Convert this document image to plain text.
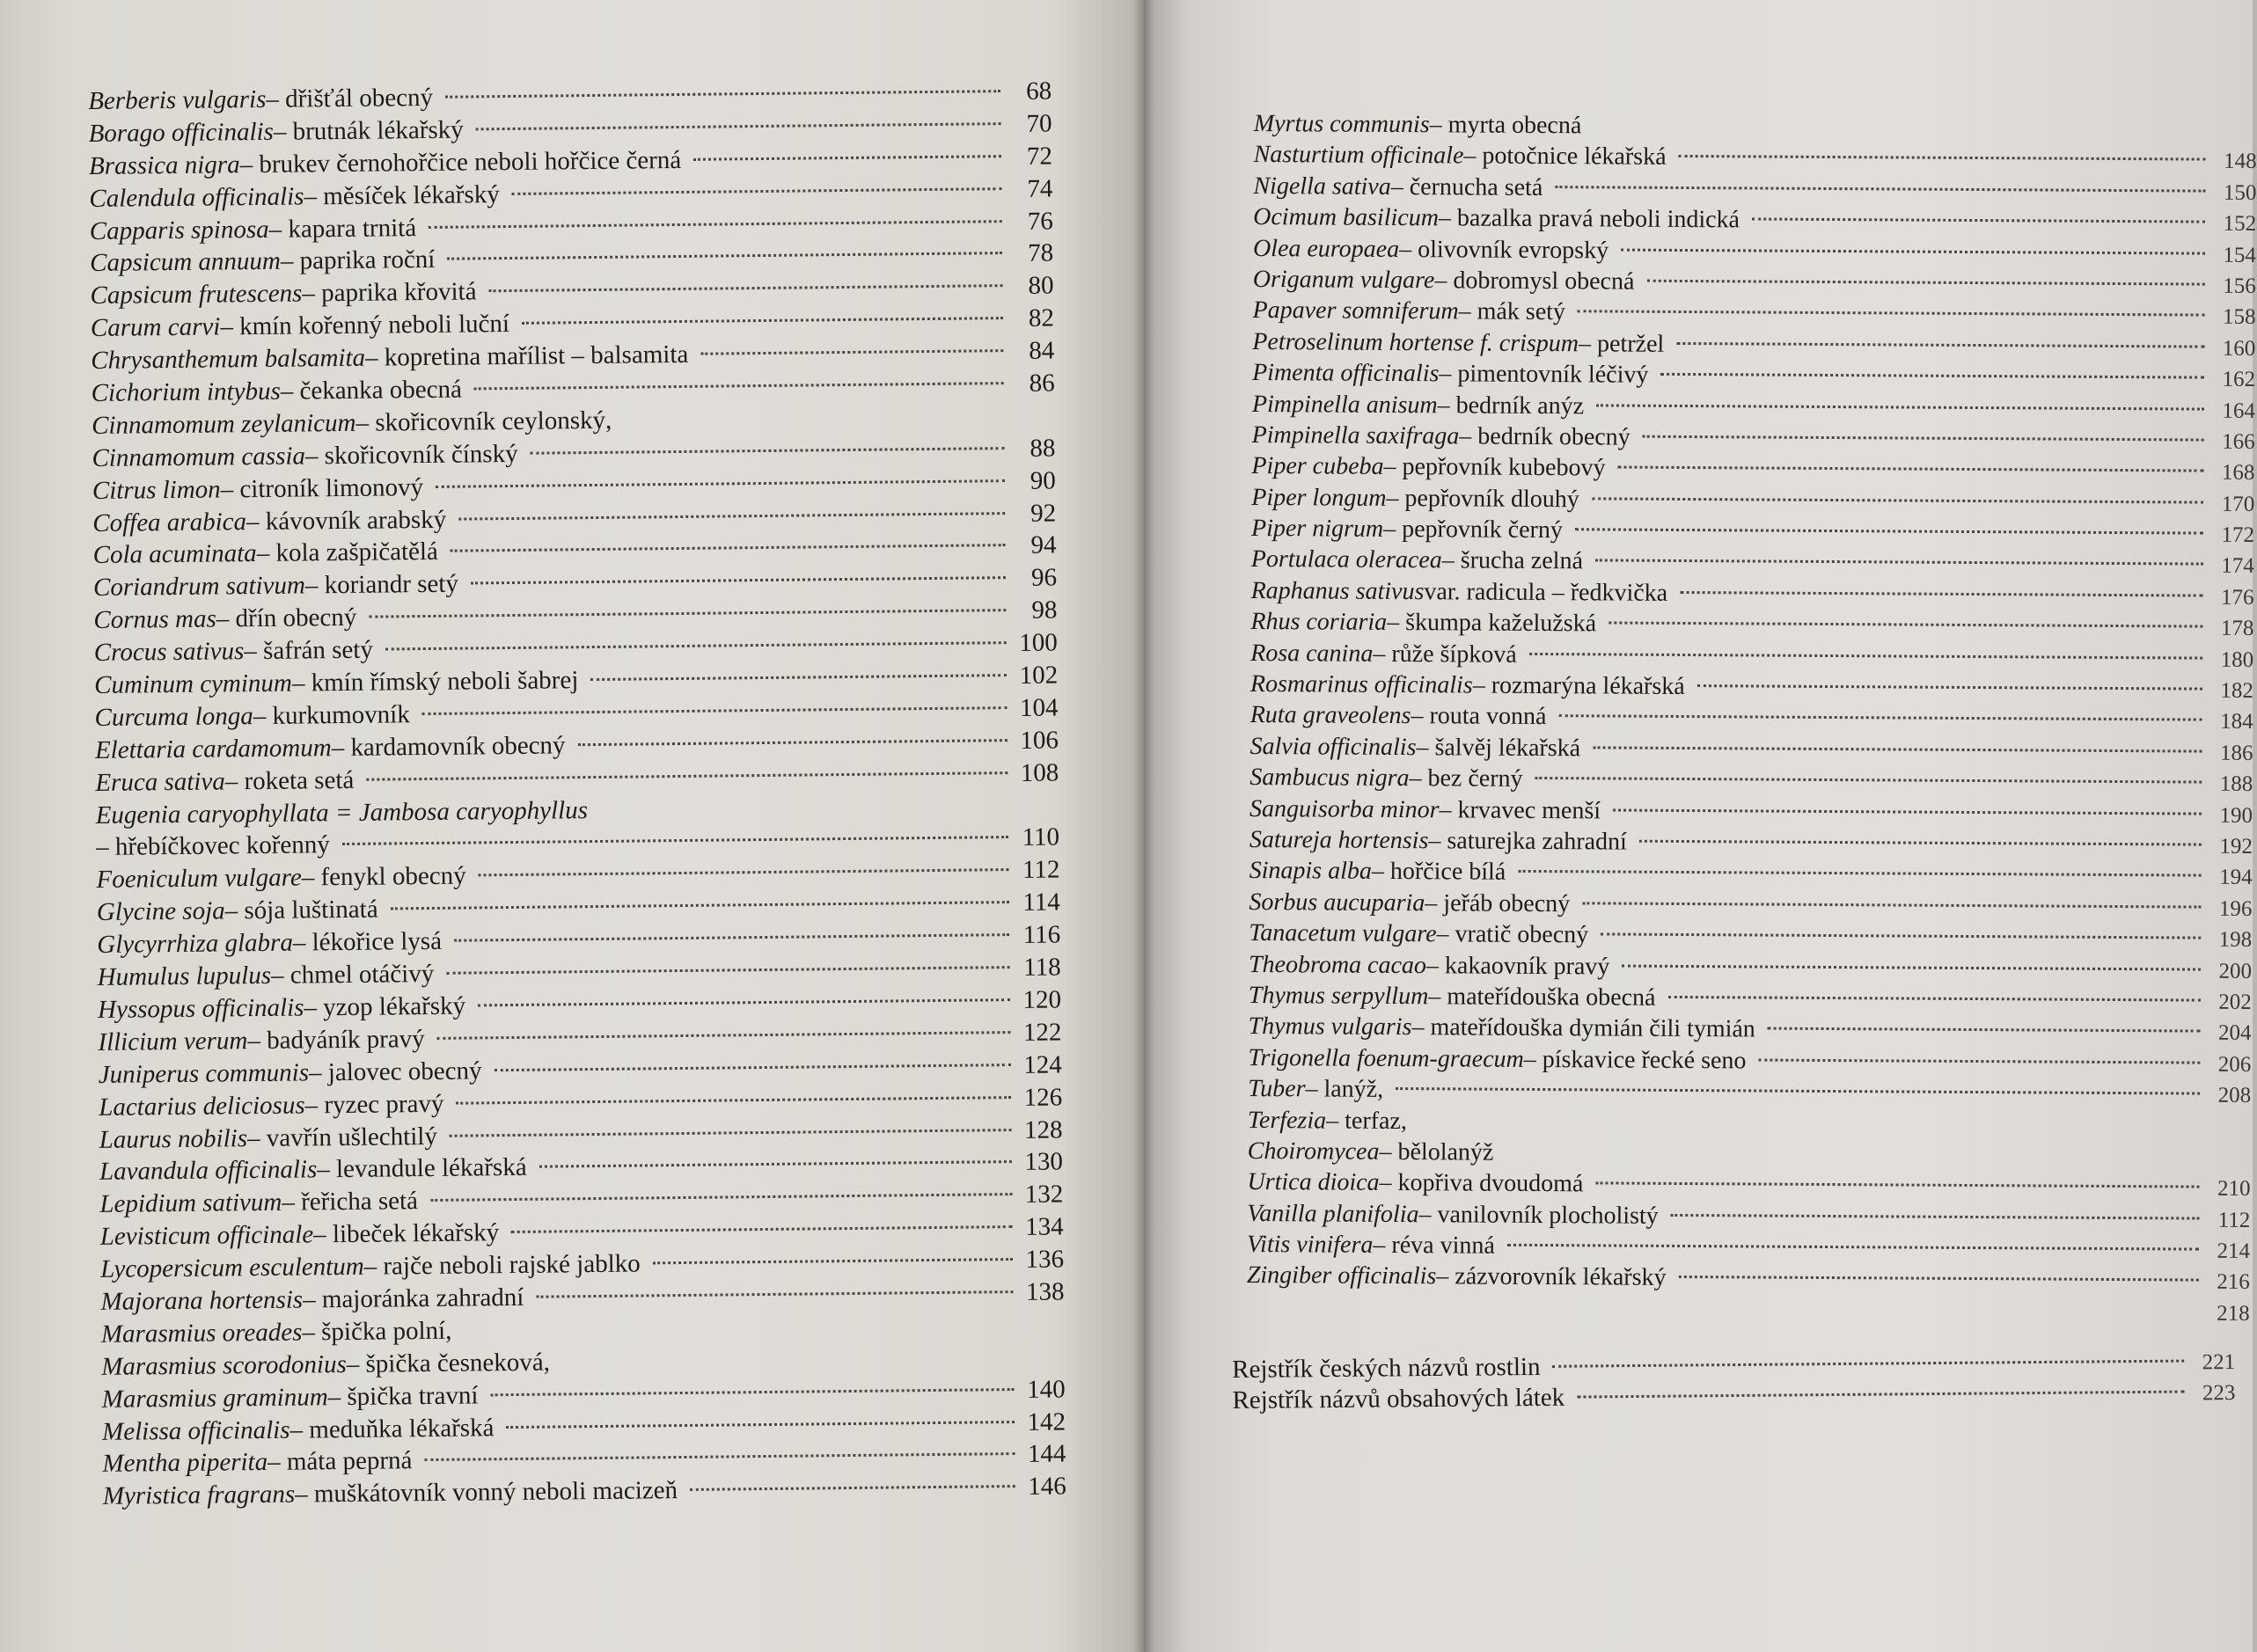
Berberis vulgaris – dřišťál obecný	68
Borago officinalis – brutnák lékařský	70
Brassica nigra – brukev černohořčice neboli hořčice černá	72
Calendula officinalis – měsíček lékařský	74
Capparis spinosa – kapara trnitá	76
Capsicum annuum – paprika roční	78
Capsicum frutescens – paprika křovitá	80
Carum carvi – kmín kořenný neboli luční	82
Chrysanthemum balsamita – kopretina mařílist – balsamita	84
Cichorium intybus – čekanka obecná	86
Cinnamomum zeylanicum – skořicovník ceylonský,
Cinnamomum cassia – skořicovník čínský	88
Citrus limon – citroník limonový	90
Coffea arabica – kávovník arabský	92
Cola acuminata – kola zašpičatělá	94
Coriandrum sativum – koriandr setý	96
Cornus mas – dřín obecný	98
Crocus sativus – šafrán setý	100
Cuminum cyminum – kmín římský neboli šabrej	102
Curcuma longa – kurkumovník	104
Elettaria cardamomum – kardamovník obecný	106
Eruca sativa – roketa setá	108
Eugenia caryophyllata = Jambosa caryophyllus
– hřebíčkovec kořenný	110
Foeniculum vulgare – fenykl obecný	112
Glycine soja – sója luštinatá	114
Glycyrrhiza glabra – lékořice lysá	116
Humulus lupulus – chmel otáčivý	118
Hyssopus officinalis – yzop lékařský	120
Illicium verum – badyáník pravý	122
Juniperus communis – jalovec obecný	124
Lactarius deliciosus – ryzec pravý	126
Laurus nobilis – vavřín ušlechtilý	128
Lavandula officinalis – levandule lékařská	130
Lepidium sativum – řeřicha setá	132
Levisticum officinale – libeček lékařský	134
Lycopersicum esculentum – rajče neboli rajské jablko	136
Majorana hortensis – majoránka zahradní	138
Marasmius oreades – špička polní,
Marasmius scorodonius – špička česneková,
Marasmius graminum – špička travní	140
Melissa officinalis – meduňka lékařská	142
Mentha piperita – máta peprná	144
Myristica fragrans – muškátovník vonný neboli macizeň	146
Myrtus communis – myrta obecná
Nasturtium officinale – potočnice lékařská	148
Nigella sativa – černucha setá	150
Ocimum basilicum – bazalka pravá neboli indická	152
Olea europaea – olivovník evropský	154
Origanum vulgare – dobromysl obecná	156
Papaver somniferum – mák setý	158
Petroselinum hortense f. crispum – petržel	160
Pimenta officinalis – pimentovník léčivý	162
Pimpinella anisum – bedrník anýz	164
Pimpinella saxifraga – bedrník obecný	166
Piper cubeba – pepřovník kubebový	168
Piper longum – pepřovník dlouhý	170
Piper nigrum – pepřovník černý	172
Portulaca oleracea – šrucha zelná	174
Raphanus sativus var. radicula – ředkvička	176
Rhus coriaria – škumpa kaželužská	178
Rosa canina – růže šípková	180
Rosmarinus officinalis – rozmarýna lékařská	182
Ruta graveolens – routa vonná	184
Salvia officinalis – šalvěj lékařská	186
Sambucus nigra – bez černý	188
Sanguisorba minor – krvavec menší	190
Satureja hortensis – saturejka zahradní	192
Sinapis alba – hořčice bílá	194
Sorbus aucuparia – jeřáb obecný	196
Tanacetum vulgare – vratič obecný	198
Theobroma cacao – kakaovník pravý	200
Thymus serpyllum – mateřídouška obecná	202
Thymus vulgaris – mateřídouška dymián čili tymián	204
Trigonella foenum-graecum – pískavice řecké seno	206
Tuber – lanýž,	208
Terfezia – terfaz,
Choiromycea – bělolanýž
Urtica dioica – kopřiva dvoudomá	210
Vanilla planifolia – vanilovník plocholistý	112
Vitis vinifera – réva vinná	214
Zingiber officinalis – zázvorovník lékařský	216
218
Rejstřík českých názvů rostlin	221
Rejstřík názvů obsahových látek	223
